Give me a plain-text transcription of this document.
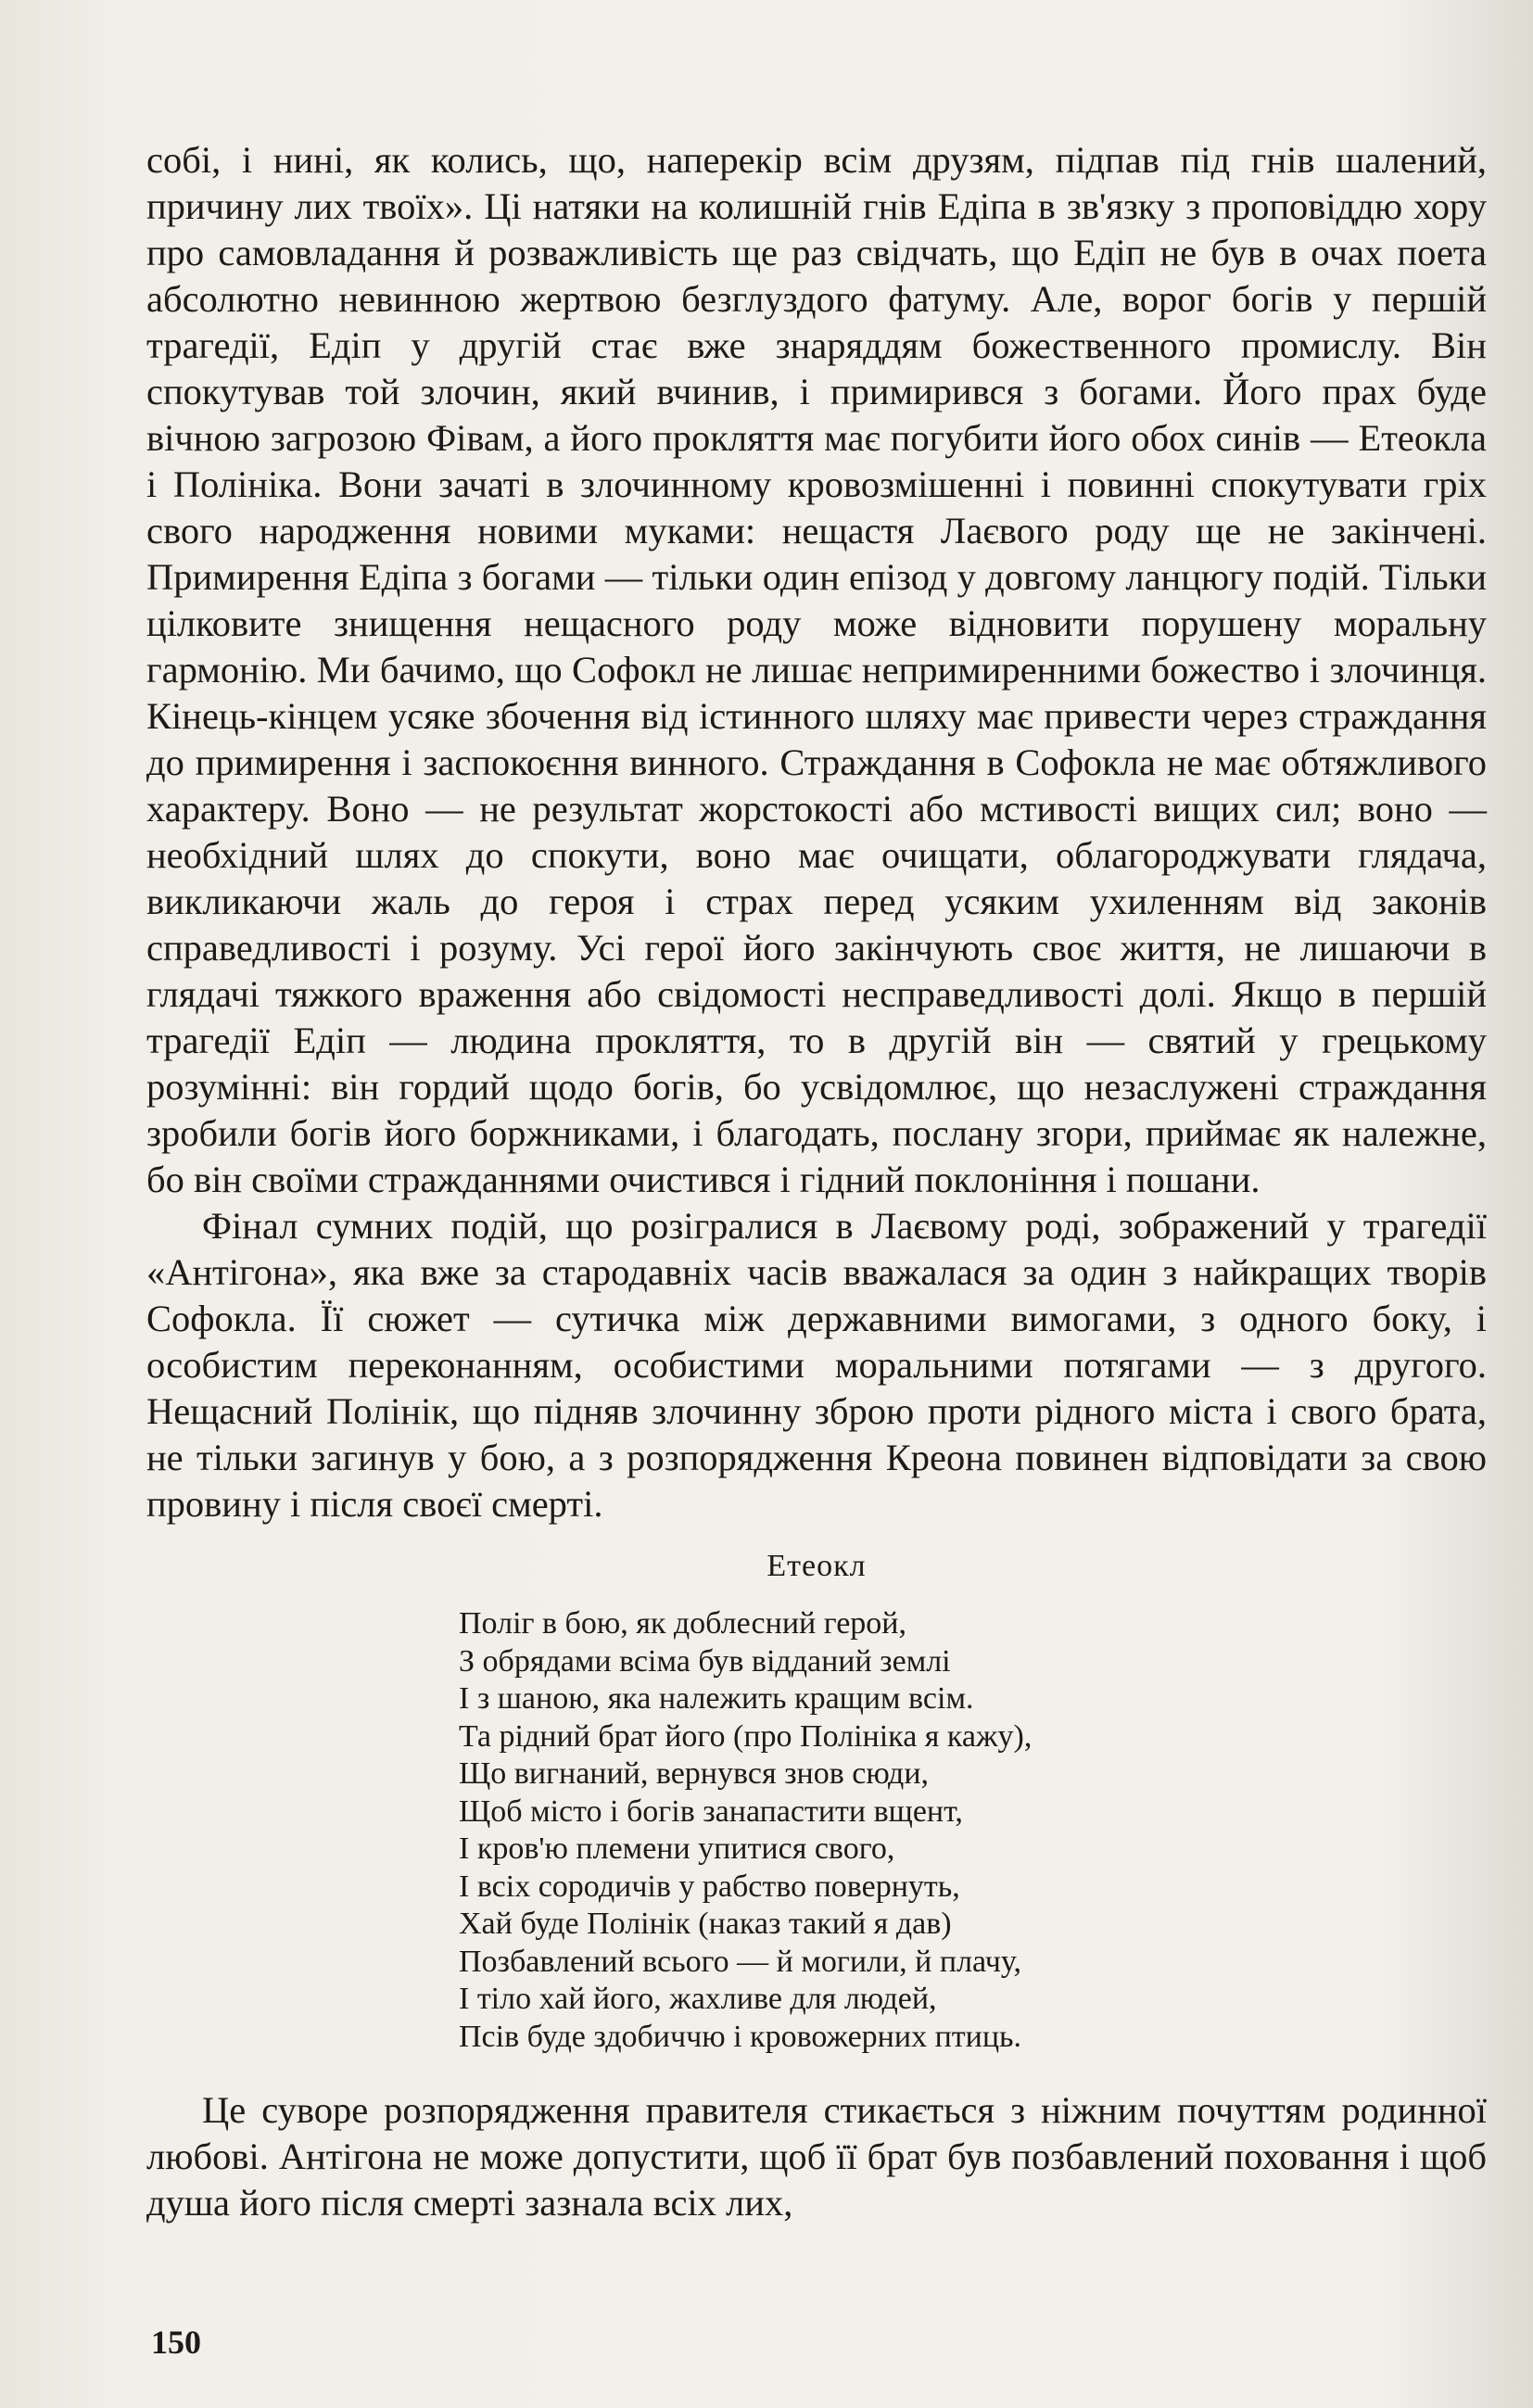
собі, і нині, як колись, що, наперекір всім друзям, підпав під гнів шалений, причину лих твоїх». Ці натяки на колишній гнів Едіпа в зв'язку з проповіддю хору про самовладання й розважливість ще раз свідчать, що Едіп не був в очах поета абсолютно невинною жертвою безглуздого фатуму. Але, ворог богів у першій трагедії, Едіп у другій стає вже знаряддям божественного промислу. Він спокутував той злочин, який вчинив, і примирився з богами. Його прах буде вічною загрозою Фівам, а його прокляття має погубити його обох синів — Етеокла і Полініка. Вони зачаті в злочинному кровозмішенні і повинні спокутувати гріх свого народження новими муками: нещастя Лаєвого роду ще не закінчені. Примирення Едіпа з богами — тільки один епізод у довгому ланцюгу подій. Тільки цілковите знищення нещасного роду може відновити порушену моральну гармонію. Ми бачимо, що Софокл не лишає непримиренними божество і злочинця. Кінець-кінцем усяке збочення від істинного шляху має привести через страждання до примирення і заспокоєння винного. Страждання в Софокла не має обтяжливого характеру. Воно — не результат жорстокості або мстивості вищих сил; воно — необхідний шлях до спокути, воно має очищати, облагороджувати глядача, викликаючи жаль до героя і страх перед усяким ухиленням від законів справедливості і розуму. Усі герої його закінчують своє життя, не лишаючи в глядачі тяжкого враження або свідомості несправедливості долі. Якщо в першій трагедії Едіп — людина прокляття, то в другій він — святий у грецькому розумінні: він гордий щодо богів, бо усвідомлює, що незаслужені страждання зробили богів його боржниками, і благодать, послану згори, приймає як належне, бо він своїми стражданнями очистився і гідний поклоніння і пошани.

Фінал сумних подій, що розігралися в Лаєвому роді, зображений у трагедії «Антігона», яка вже за стародавніх часів вважалася за один з найкращих творів Софокла. Її сюжет — сутичка між державними вимогами, з одного боку, і особистим переконанням, особистими моральними потягами — з другого. Нещасний Полінік, що підняв злочинну зброю проти рідного міста і свого брата, не тільки загинув у бою, а з розпорядження Креона повинен відповідати за свою провину і після своєї смерті.

Етеокл
Поліг в бою, як доблесний герой,
З обрядами всіма був відданий землі
І з шаною, яка належить кращим всім.
Та рідний брат його (про Полініка я кажу),
Що вигнаний, вернувся знов сюди,
Щоб місто і богів занапастити вщент,
І кров'ю племени упитися свого,
І всіх сородичів у рабство повернуть,
Хай буде Полінік (наказ такий я дав)
Позбавлений всього — й могили, й плачу,
І тіло хай його, жахливе для людей,
Псів буде здобиччю і кровожерних птиць.

Це суворе розпорядження правителя стикається з ніжним почуттям родинної любові. Антігона не може допустити, щоб її брат був позбавлений поховання і щоб душа його після смерті зазнала всіх лих,

150
